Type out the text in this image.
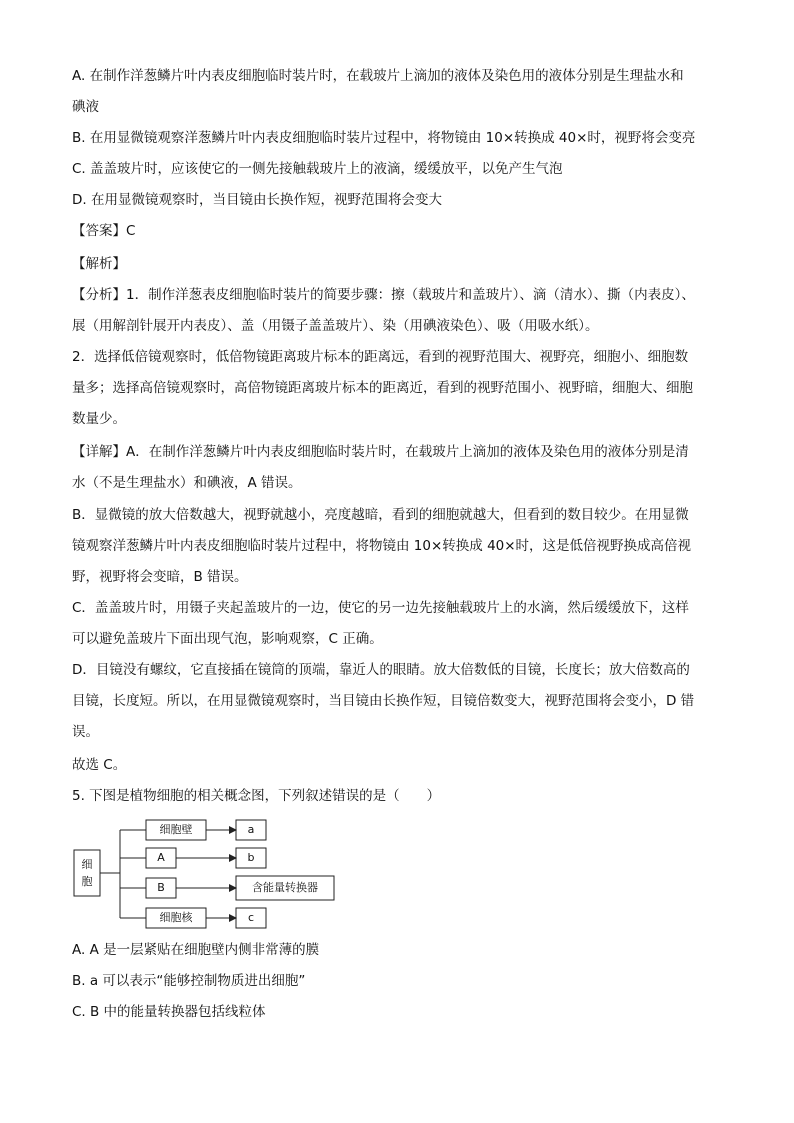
A. 在制作洋葱鳞片叶内表皮细胞临时装片时，在载玻片上滴加的液体及染色用的液体分别是生理盐水和
碘液
B. 在用显微镜观察洋葱鳞片叶内表皮细胞临时装片过程中，将物镜由 10×转换成 40×时，视野将会变亮
C. 盖盖玻片时，应该使它的一侧先接触载玻片上的液滴，缓缓放平，以免产生气泡
D. 在用显微镜观察时，当目镜由长换作短，视野范围将会变大
【答案】C
【解析】
【分析】1．制作洋葱表皮细胞临时装片的简要步骤：擦（载玻片和盖玻片）、滴（清水）、撕（内表皮）、
展（用解剖针展开内表皮）、盖（用镊子盖盖玻片）、染（用碘液染色）、吸（用吸水纸）。
2．选择低倍镜观察时，低倍物镜距离玻片标本的距离远，看到的视野范围大、视野亮，细胞小、细胞数
量多；选择高倍镜观察时，高倍物镜距离玻片标本的距离近，看到的视野范围小、视野暗，细胞大、细胞
数量少。
【详解】A．在制作洋葱鳞片叶内表皮细胞临时装片时，在载玻片上滴加的液体及染色用的液体分别是清
水（不是生理盐水）和碘液，A 错误。
B．显微镜的放大倍数越大，视野就越小，亮度越暗，看到的细胞就越大，但看到的数目较少。在用显微
镜观察洋葱鳞片叶内表皮细胞临时装片过程中，将物镜由 10×转换成 40×时，这是低倍视野换成高倍视
野，视野将会变暗，B 错误。
C．盖盖玻片时，用镊子夹起盖玻片的一边，使它的另一边先接触载玻片上的水滴，然后缓缓放下，这样
可以避免盖玻片下面出现气泡，影响观察，C 正确。
D．目镜没有螺纹，它直接插在镜筒的顶端，靠近人的眼睛。放大倍数低的目镜，长度长；放大倍数高的
目镜，长度短。所以，在用显微镜观察时，当目镜由长换作短，目镜倍数变大，视野范围将会变小，D 错
误。
故选 C。
5. 下图是植物细胞的相关概念图，下列叙述错误的是（　　）
细
胞
细胞壁
A
B
细胞核
a
b
含能量转换器
c
A. A 是一层紧贴在细胞壁内侧非常薄的膜
B. a 可以表示“能够控制物质进出细胞”
C. B 中的能量转换器包括线粒体
